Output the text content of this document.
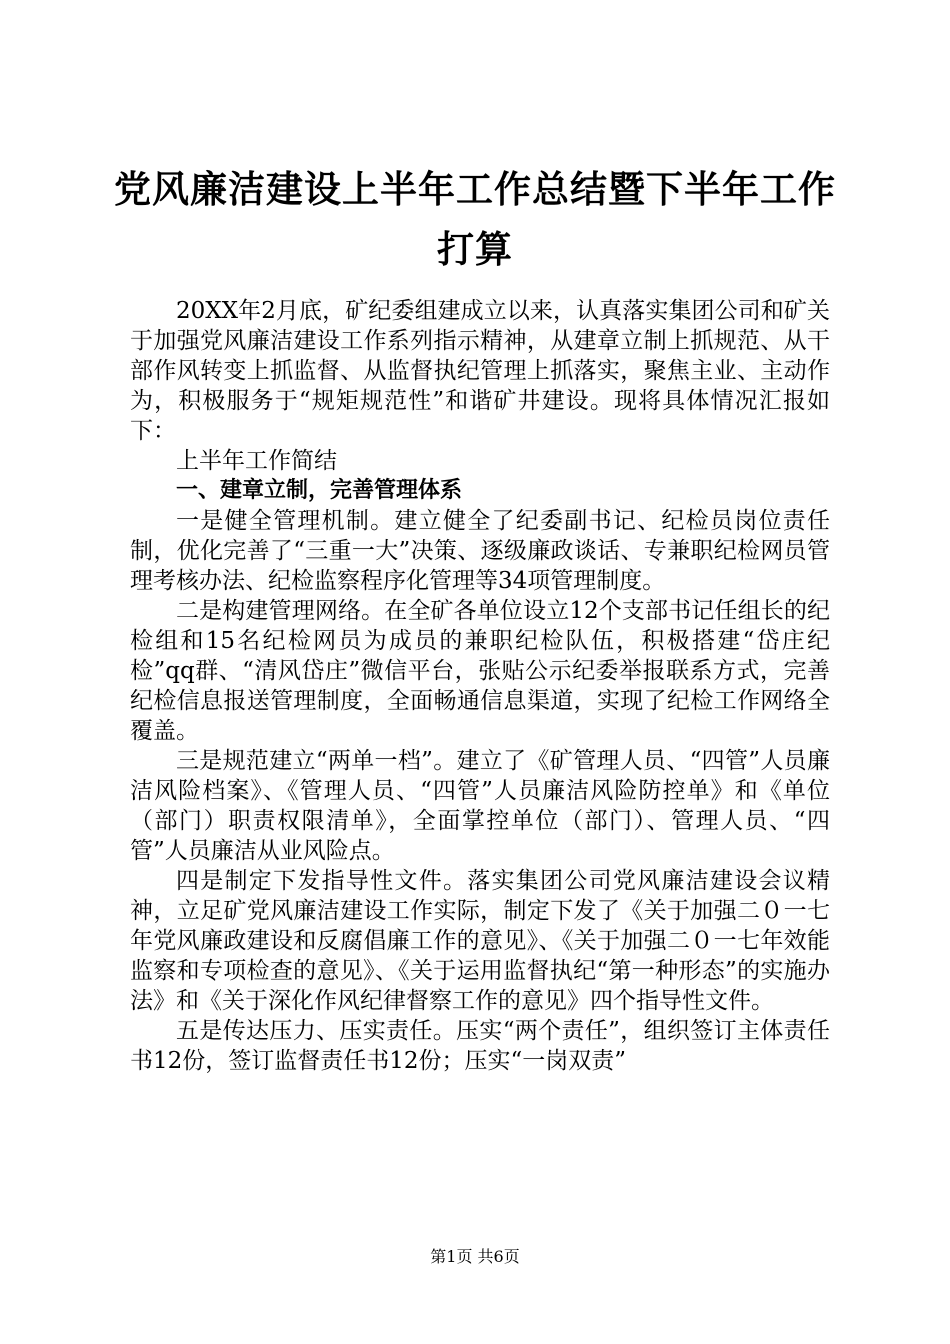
党风廉洁建设上半年工作总结暨下半年工作打算

20XX年2月底，矿纪委组建成立以来，认真落实集团公司和矿关于加强党风廉洁建设工作系列指示精神，从建章立制上抓规范、从干部作风转变上抓监督、从监督执纪管理上抓落实，聚焦主业、主动作为，积极服务于“规矩规范性”和谐矿井建设。现将具体情况汇报如下：

上半年工作简结

一、建章立制，完善管理体系

一是健全管理机制。建立健全了纪委副书记、纪检员岗位责任制，优化完善了“三重一大”决策、逐级廉政谈话、专兼职纪检网员管理考核办法、纪检监察程序化管理等34项管理制度。

二是构建管理网络。在全矿各单位设立12个支部书记任组长的纪检组和15名纪检网员为成员的兼职纪检队伍，积极搭建“岱庄纪检”qq群、“清风岱庄”微信平台，张贴公示纪委举报联系方式，完善纪检信息报送管理制度，全面畅通信息渠道，实现了纪检工作网络全覆盖。

三是规范建立“两单一档”。建立了《矿管理人员、“四管”人员廉洁风险档案》、《管理人员、“四管”人员廉洁风险防控单》和《单位（部门）职责权限清单》，全面掌控单位（部门）、管理人员、“四管”人员廉洁从业风险点。

四是制定下发指导性文件。落实集团公司党风廉洁建设会议精神，立足矿党风廉洁建设工作实际，制定下发了《关于加强二０一七年党风廉政建设和反腐倡廉工作的意见》、《关于加强二０一七年效能监察和专项检查的意见》、《关于运用监督执纪“第一种形态”的实施办法》和《关于深化作风纪律督察工作的意见》四个指导性文件。

五是传达压力、压实责任。压实“两个责任”，组织签订主体责任书12份，签订监督责任书12份；压实“一岗双责”

第1页 共6页
